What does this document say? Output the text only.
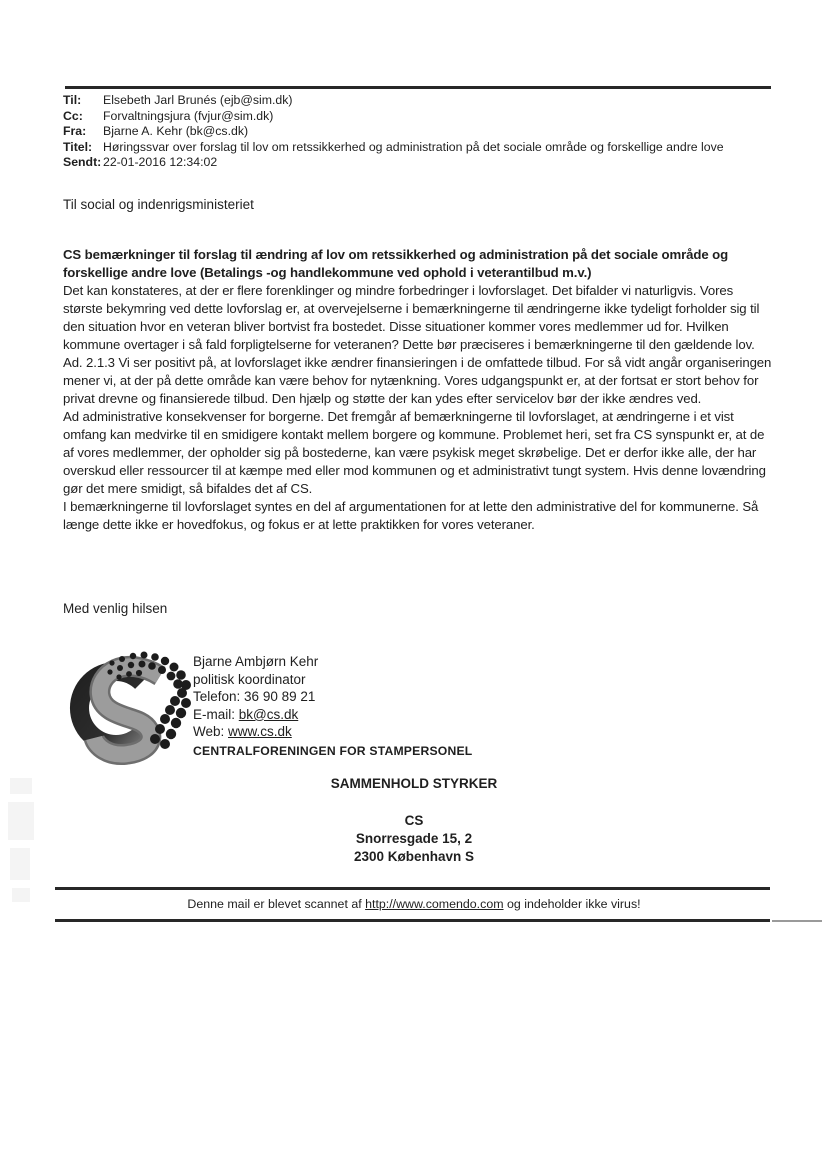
Til:	Elsebeth Jarl Brunés (ejb@sim.dk)
Cc:	Forvaltningsjura (fvjur@sim.dk)
Fra:	Bjarne A. Kehr (bk@cs.dk)
Titel: Høringssvar over forslag til lov om retssikkerhed og administration på det sociale område og forskellige andre love
Sendt: 22-01-2016 12:34:02
Til social og indenrigsministeriet

CS bemærkninger til forslag til ændring af lov om retssikkerhed og administration på det sociale område og forskellige andre love (Betalings -og handlekommune ved ophold i veterantilbud m.v.)

Det kan konstateres, at der er flere forenklinger og mindre forbedringer i lovforslaget. Det bifalder vi naturligvis. Vores største bekymring ved dette lovforslag er, at overvejelserne i bemærkningerne til ændringerne ikke tydeligt forholder sig til den situation hvor en veteran bliver bortvist fra bostedet. Disse situationer kommer vores medlemmer ud for. Hvilken kommune overtager i så fald forpligtelserne for veteranen? Dette bør præciseres i bemærkningerne til den gældende lov.

Ad. 2.1.3 Vi ser positivt på, at lovforslaget ikke ændrer finansieringen i de omfattede tilbud. For så vidt angår organiseringen mener vi, at der på dette område kan være behov for nytænkning. Vores udgangspunkt er, at der fortsat er stort behov for privat drevne og finansierede tilbud. Den hjælp og støtte der kan ydes efter servicelov bør der ikke ændres ved.

Ad administrative konsekvenser for borgerne. Det fremgår af bemærkningerne til lovforslaget, at ændringerne i et vist omfang kan medvirke til en smidigere kontakt mellem borgere og kommune. Problemet heri, set fra CS synspunkt er, at de af vores medlemmer, der opholder sig på bostederne, kan være psykisk meget skrøbelige. Det er derfor ikke alle, der har overskud eller ressourcer til at kæmpe med eller mod kommunen og et administrativt tungt system. Hvis denne lovændring gør det mere smidigt, så bifaldes det af CS.

I bemærkningerne til lovforslaget syntes en del af argumentationen for at lette den administrative del for kommunerne. Så længe dette ikke er hovedfokus, og fokus er at lette praktikken for vores veteraner.

Med venlig hilsen
Bjarne Ambjørn Kehr
politisk koordinator
Telefon: 36 90 89 21
E-mail: bk@cs.dk
Web: www.cs.dk
CENTRALFORENINGEN FOR STAMPERSONEL
SAMMENHOLD STYRKER
CS
Snorresgade 15, 2
2300 København S
Denne mail er blevet scannet af http://www.comendo.com og indeholder ikke virus!
